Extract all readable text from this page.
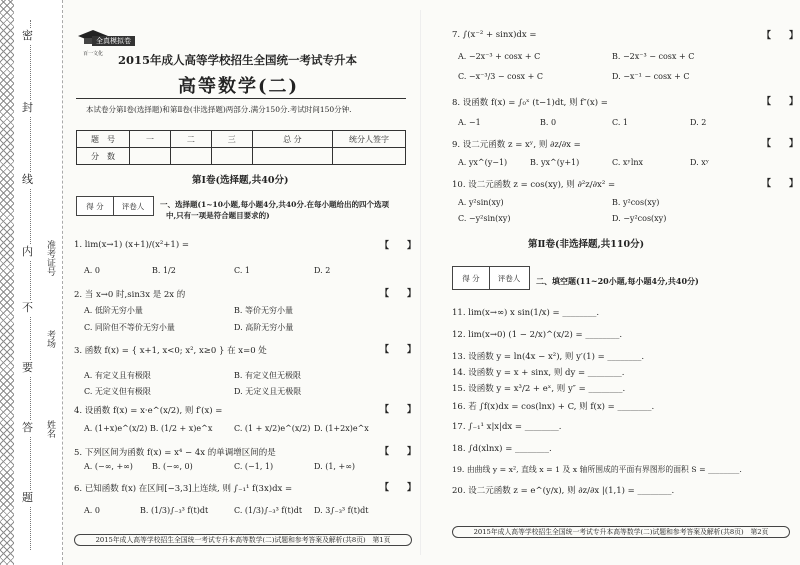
密
封
线
内
不
要
答
题
准考证号
考场
姓名
百一文化
全真模拟卷
2015年成人高等学校招生全国统一考试专升本
高等数学(二)
本试卷分第Ⅰ卷(选择题)和第Ⅱ卷(非选择题)两部分.满分150分.考试时间150分钟.
题　号	一	二	三	总 分	统分人签字
分　数					
第Ⅰ卷(选择题,共40分)
得 分	评卷人	一、选择题(1~10小题,每小题4分,共40分.在每小题给出的四个选项
中,只有一项是符合题目要求的)
1. lim(x→1) (x+1)/(x²+1) =	【　　】
A. 0	B. 1/2	C. 1	D. 2
2. 当 x→0 时,sin3x 是 2x 的	【　　】
A. 低阶无穷小量	B. 等价无穷小量
C. 同阶但不等价无穷小量	D. 高阶无穷小量
3. 函数 f(x) = { x+1, x<0; x², x≥0 } 在 x=0 处	【　　】
A. 有定义且有极限	B. 有定义但无极限
C. 无定义但有极限	D. 无定义且无极限
4. 设函数 f(x) = x·e^(x/2), 则 f′(x) =	【　　】
A. (1+x)e^(x/2) B. (1/2 + x)e^x	C. (1 + x/2)e^(x/2) D. (1+2x)e^x
5. 下列区间为函数 f(x) = x⁴ − 4x 的单调增区间的是	【　　】
A. (−∞, +∞) B. (−∞, 0)	C. (−1, 1)	D. (1, +∞)
6. 已知函数 f(x) 在区间[−3,3]上连续, 则 ∫₋₁¹ f(3x)dx =	【　　】
A. 0	B. (1/3)∫₋₃³ f(t)dt	C. (1/3)∫₋₃³ f(t)dt D. 3∫₋₃³ f(t)dt
2015年成人高等学校招生全国统一考试专升本高等数学(二)试题和参考答案及解析(共8页)　第1页
7. ∫(x⁻² + sinx)dx =	【　　】
A. −2x⁻³ + cosx + C	B. −2x⁻³ − cosx + C
C. −x⁻³/3 − cosx + C	D. −x⁻¹ − cosx + C
8. 设函数 f(x) = ∫₀ˣ (t−1)dt, 则 f″(x) =	【　　】
A. −1	B. 0	C. 1	D. 2
9. 设二元函数 z = xʸ, 则 ∂z/∂x =	【　　】
A. yx^(y−1)	B. yx^(y+1)	C. xʸlnx	D. xʸ
10. 设二元函数 z = cos(xy), 则 ∂²z/∂x² =	【　　】
A. y²sin(xy)	B. y²cos(xy)
C. −y²sin(xy)	D. −y²cos(xy)
第Ⅱ卷(非选择题,共110分)
得 分	评卷人	二、填空题(11~20小题,每小题4分,共40分)
11. lim(x→∞) x sin(1/x) = ________.
12. lim(x→0) (1 − 2/x)^(x/2) = ________.
13. 设函数 y = ln(4x − x²), 则 y′(1) = ________.
14. 设函数 y = x + sinx, 则 dy = ________.
15. 设函数 y = x³/2 + eˣ, 则 y″ = ________.
16. 若 ∫f(x)dx = cos(lnx) + C, 则 f(x) = ________.
17. ∫₋₁¹ x|x|dx = ________.
18. ∫d(xlnx) = ________.
19. 由曲线 y = x², 直线 x = 1 及 x 轴所围成的平面有界图形的面积 S = ________.
20. 设二元函数 z = e^(y/x), 则 ∂z/∂x |(1,1) = ________.
2015年成人高等学校招生全国统一考试专升本高等数学(二)试题和参考答案及解析(共8页)　第2页
